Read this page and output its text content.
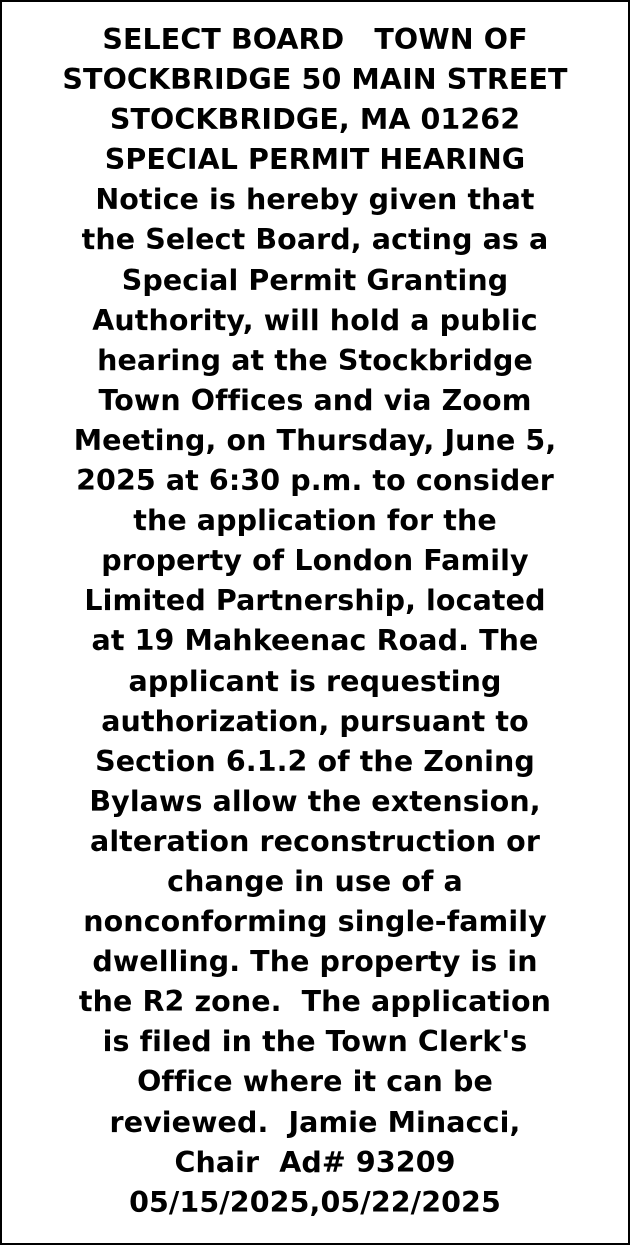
SELECT BOARD   TOWN OF
STOCKBRIDGE 50 MAIN STREET
STOCKBRIDGE, MA 01262
SPECIAL PERMIT HEARING
Notice is hereby given that
the Select Board, acting as a
Special Permit Granting
Authority, will hold a public
hearing at the Stockbridge
Town Offices and via Zoom
Meeting, on Thursday, June 5,
2025 at 6:30 p.m. to consider
the application for the
property of London Family
Limited Partnership, located
at 19 Mahkeenac Road. The
applicant is requesting
authorization, pursuant to
Section 6.1.2 of the Zoning
Bylaws allow the extension,
alteration reconstruction or
change in use of a
nonconforming single-family
dwelling. The property is in
the R2 zone.  The application
is filed in the Town Clerk's
Office where it can be
reviewed.  Jamie Minacci,
Chair  Ad# 93209
05/15/2025,05/22/2025
